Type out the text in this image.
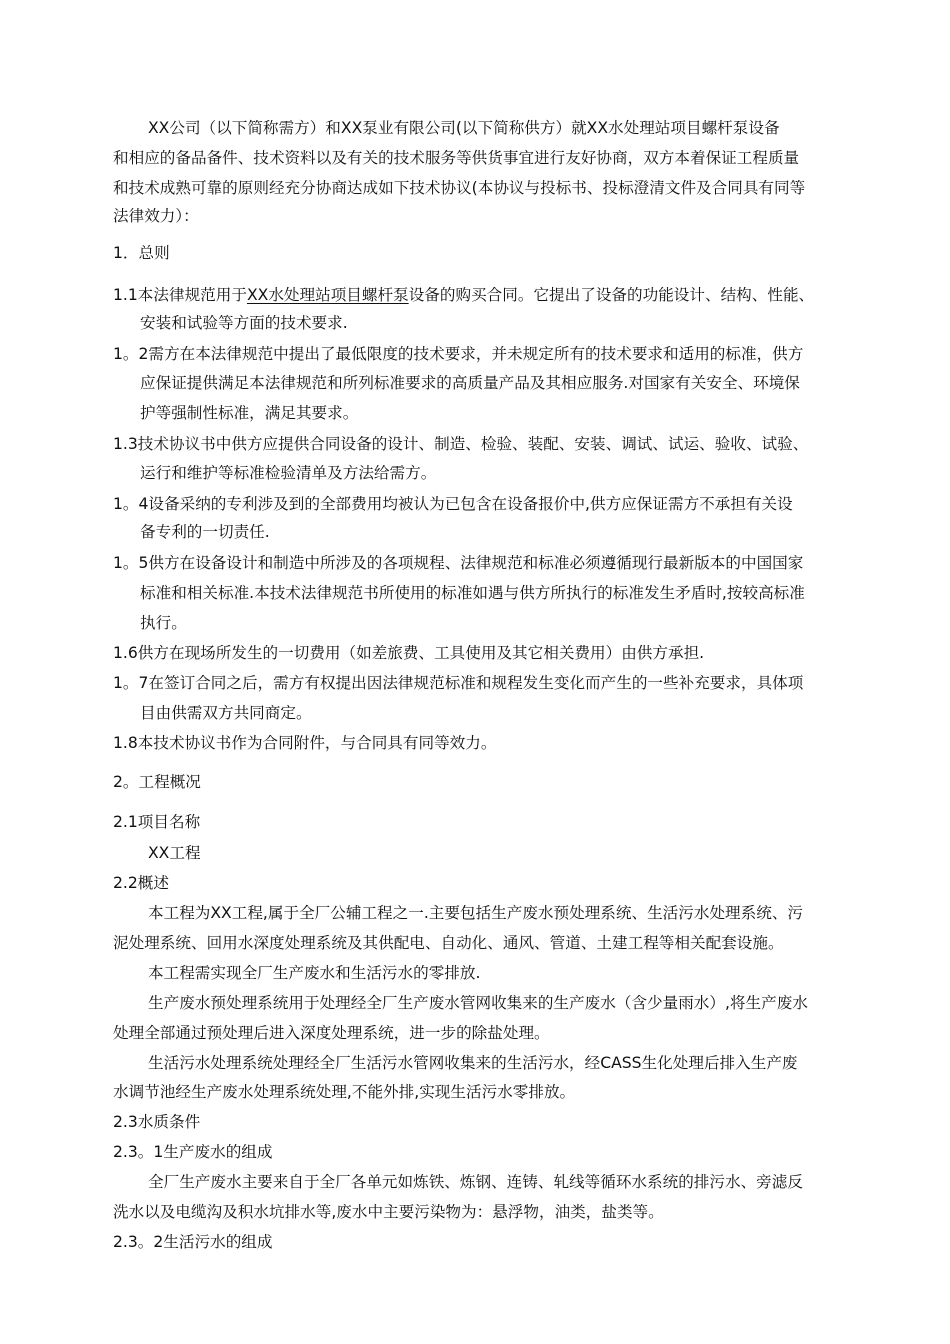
XX公司（以下简称需方）和XX泵业有限公司(以下简称供方）就XX水处理站项目螺杆泵设备
和相应的备品备件、技术资料以及有关的技术服务等供货事宜进行友好协商，双方本着保证工程质量
和技术成熟可靠的原则经充分协商达成如下技术协议(本协议与投标书、投标澄清文件及合同具有同等
法律效力）：
1．总则
1.1本法律规范用于XX水处理站项目螺杆泵设备的购买合同。它提出了设备的功能设计、结构、性能、
安装和试验等方面的技术要求.
1。2需方在本法律规范中提出了最低限度的技术要求，并未规定所有的技术要求和适用的标准，供方
应保证提供满足本法律规范和所列标准要求的高质量产品及其相应服务.对国家有关安全、环境保
护等强制性标准，满足其要求。
1.3技术协议书中供方应提供合同设备的设计、制造、检验、装配、安装、调试、试运、验收、试验、
运行和维护等标准检验清单及方法给需方。
1。4设备采纳的专利涉及到的全部费用均被认为已包含在设备报价中,供方应保证需方不承担有关设
备专利的一切责任.
1。5供方在设备设计和制造中所涉及的各项规程、法律规范和标准必须遵循现行最新版本的中国国家
标准和相关标准.本技术法律规范书所使用的标准如遇与供方所执行的标准发生矛盾时,按较高标准
执行。
1.6供方在现场所发生的一切费用（如差旅费、工具使用及其它相关费用）由供方承担.
1。7在签订合同之后，需方有权提出因法律规范标准和规程发生变化而产生的一些补充要求，具体项
目由供需双方共同商定。
1.8本技术协议书作为合同附件，与合同具有同等效力。
2。工程概况
2.1项目名称
XX工程
2.2概述
本工程为XX工程,属于全厂公辅工程之一.主要包括生产废水预处理系统、生活污水处理系统、污
泥处理系统、回用水深度处理系统及其供配电、自动化、通风、管道、土建工程等相关配套设施。
本工程需实现全厂生产废水和生活污水的零排放.
生产废水预处理系统用于处理经全厂生产废水管网收集来的生产废水（含少量雨水）,将生产废水
处理全部通过预处理后进入深度处理系统，进一步的除盐处理。
生活污水处理系统处理经全厂生活污水管网收集来的生活污水，经CASS生化处理后排入生产废
水调节池经生产废水处理系统处理,不能外排,实现生活污水零排放。
2.3水质条件
2.3。1生产废水的组成
全厂生产废水主要来自于全厂各单元如炼铁、炼钢、连铸、轧线等循环水系统的排污水、旁滤反
洗水以及电缆沟及积水坑排水等,废水中主要污染物为：悬浮物，油类，盐类等。
2.3。2生活污水的组成
